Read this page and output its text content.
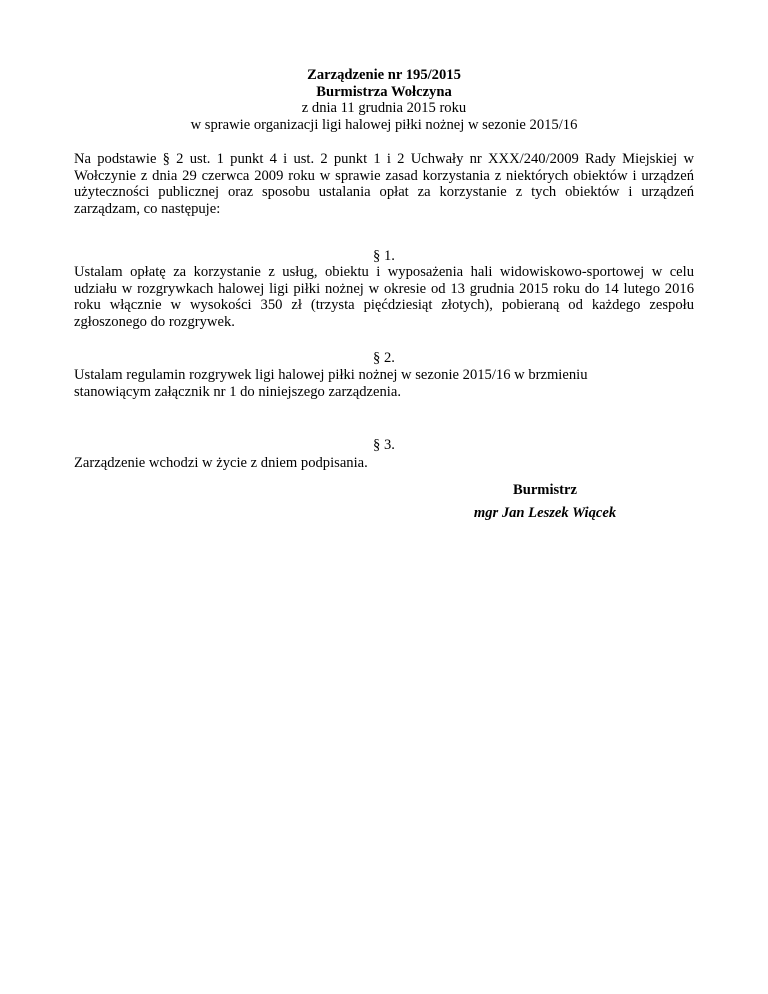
Zarządzenie nr 195/2015
Burmistrza Wołczyna
z dnia 11 grudnia 2015 roku
w sprawie organizacji ligi halowej piłki nożnej w sezonie 2015/16
Na podstawie § 2 ust. 1 punkt 4 i ust. 2 punkt 1 i 2 Uchwały nr XXX/240/2009 Rady Miejskiej w Wołczynie z dnia 29 czerwca 2009 roku w sprawie zasad korzystania z niektórych obiektów i urządzeń użyteczności publicznej oraz sposobu ustalania opłat za korzystanie z tych obiektów i urządzeń zarządzam, co następuje:
§ 1.
Ustalam opłatę za korzystanie z usług, obiektu i wyposażenia hali widowiskowo-sportowej w celu udziału w rozgrywkach halowej ligi piłki nożnej w okresie od 13 grudnia 2015 roku do 14 lutego 2016 roku włącznie w wysokości 350 zł (trzysta pięćdziesiąt złotych), pobieraną od każdego zespołu zgłoszonego do rozgrywek.
§ 2.
Ustalam regulamin rozgrywek ligi halowej piłki nożnej w sezonie 2015/16 w brzmieniu
stanowiącym załącznik nr 1 do niniejszego zarządzenia.
§ 3.
Zarządzenie wchodzi w życie z dniem podpisania.
Burmistrz
mgr Jan Leszek Wiącek
